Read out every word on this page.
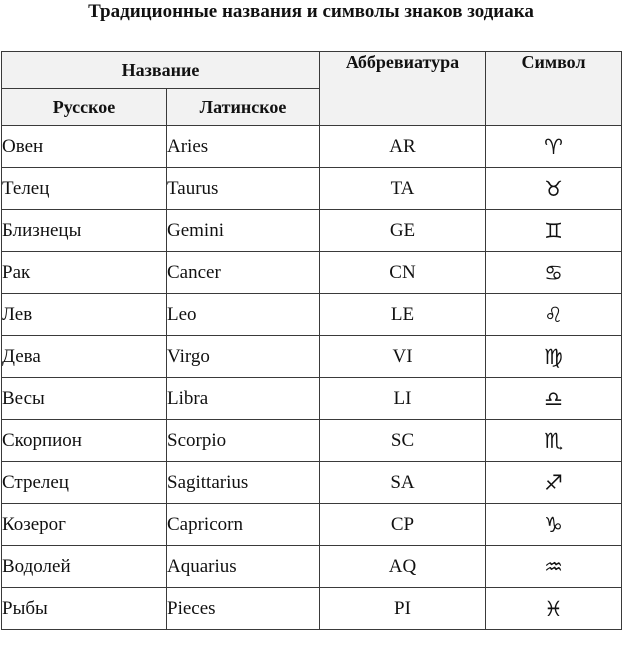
Традиционные названия и символы знаков зодиака
Название		Аббревиатура	Символ
Русское	Латинское		
Овен	Aries	AR	♈︎
Телец	Taurus	TA	♉︎
Близнецы	Gemini	GE	♊︎
Рак	Cancer	CN	♋︎
Лев	Leo	LE	♌︎
Дева	Virgo	VI	♍︎
Весы	Libra	LI	♎︎
Скорпион	Scorpio	SC	♏︎
Стрелец	Sagittarius	SA	♐︎
Козерог	Capricorn	CP	♑︎
Водолей	Aquarius	AQ	♒︎
Рыбы	Pieces	PI	♓︎
